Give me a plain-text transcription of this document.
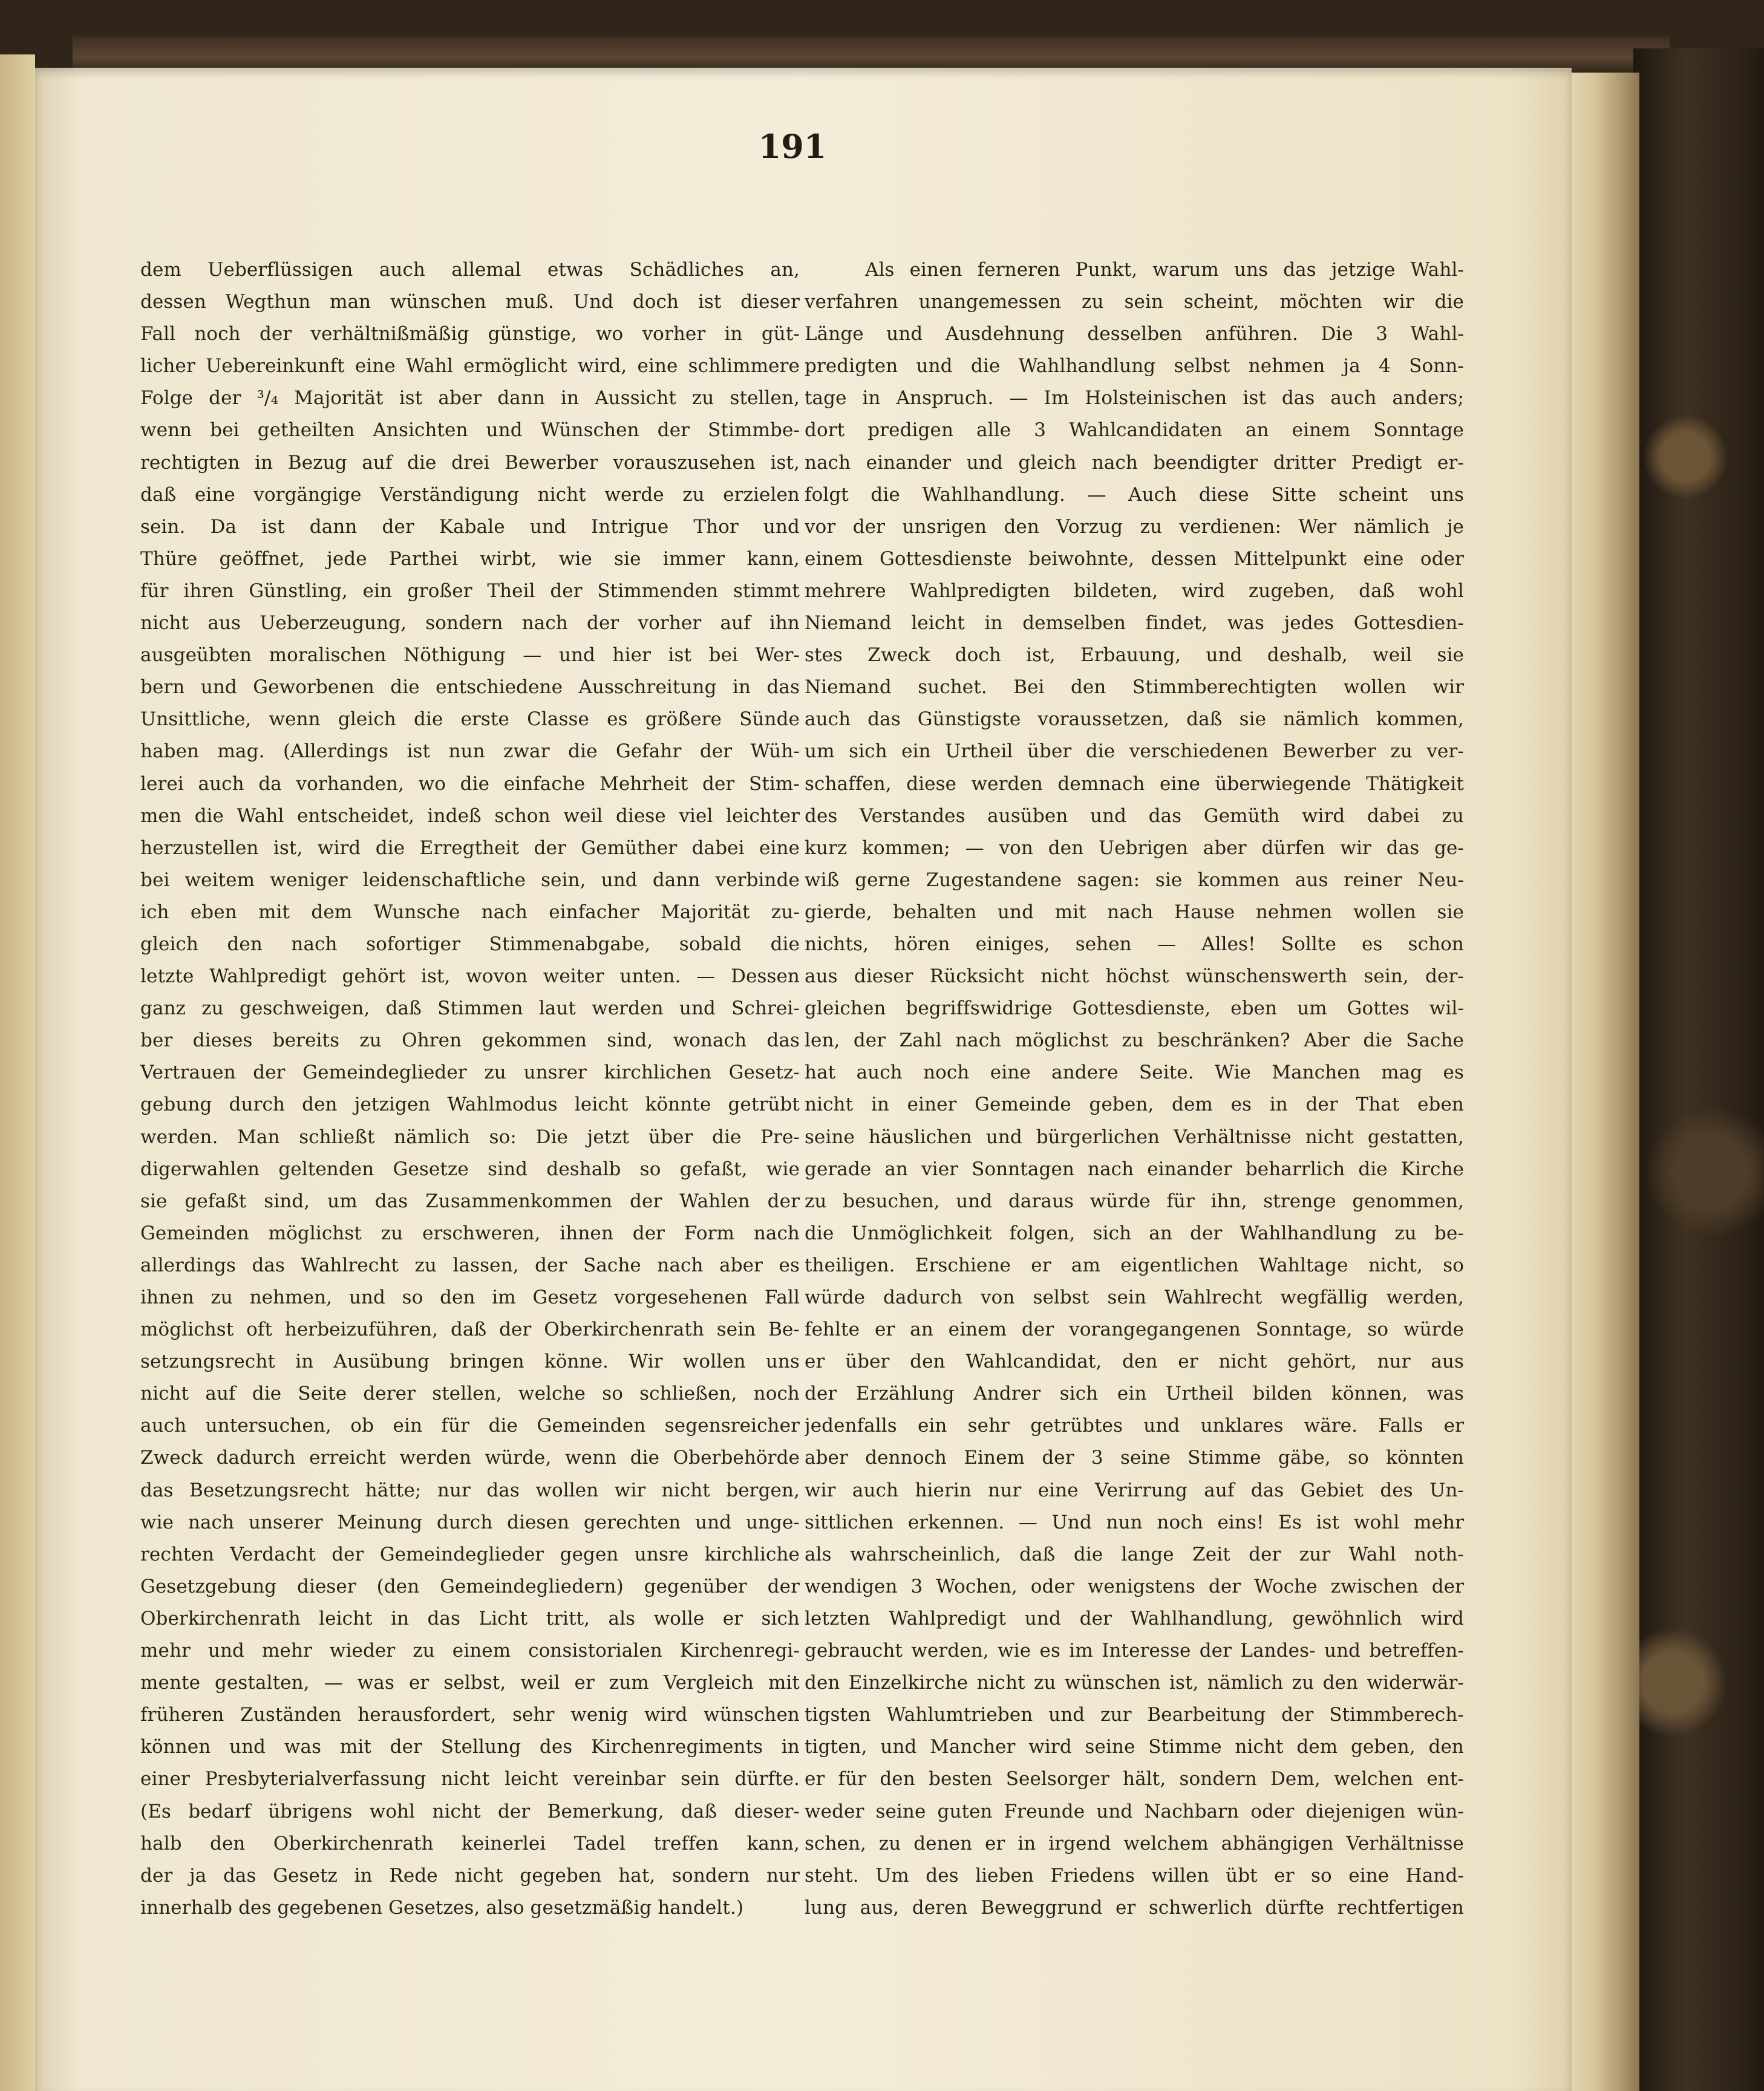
191
dem Ueberflüssigen auch allemal etwas Schädliches an,
dessen Wegthun man wünschen muß. Und doch ist dieser
Fall noch der verhältnißmäßig günstige, wo vorher in güt-
licher Uebereinkunft eine Wahl ermöglicht wird, eine schlimmere
Folge der ³/₄ Majorität ist aber dann in Aussicht zu stellen,
wenn bei getheilten Ansichten und Wünschen der Stimmbe-
rechtigten in Bezug auf die drei Bewerber vorauszusehen ist,
daß eine vorgängige Verständigung nicht werde zu erzielen
sein. Da ist dann der Kabale und Intrigue Thor und
Thüre geöffnet, jede Parthei wirbt, wie sie immer kann,
für ihren Günstling, ein großer Theil der Stimmenden stimmt
nicht aus Ueberzeugung, sondern nach der vorher auf ihn
ausgeübten moralischen Nöthigung — und hier ist bei Wer-
bern und Geworbenen die entschiedene Ausschreitung in das
Unsittliche, wenn gleich die erste Classe es größere Sünde
haben mag. (Allerdings ist nun zwar die Gefahr der Wüh-
lerei auch da vorhanden, wo die einfache Mehrheit der Stim-
men die Wahl entscheidet, indeß schon weil diese viel leichter
herzustellen ist, wird die Erregtheit der Gemüther dabei eine
bei weitem weniger leidenschaftliche sein, und dann verbinde
ich eben mit dem Wunsche nach einfacher Majorität zu-
gleich den nach sofortiger Stimmenabgabe, sobald die
letzte Wahlpredigt gehört ist, wovon weiter unten. — Dessen
ganz zu geschweigen, daß Stimmen laut werden und Schrei-
ber dieses bereits zu Ohren gekommen sind, wonach das
Vertrauen der Gemeindeglieder zu unsrer kirchlichen Gesetz-
gebung durch den jetzigen Wahlmodus leicht könnte getrübt
werden. Man schließt nämlich so: Die jetzt über die Pre-
digerwahlen geltenden Gesetze sind deshalb so gefaßt, wie
sie gefaßt sind, um das Zusammenkommen der Wahlen der
Gemeinden möglichst zu erschweren, ihnen der Form nach
allerdings das Wahlrecht zu lassen, der Sache nach aber es
ihnen zu nehmen, und so den im Gesetz vorgesehenen Fall
möglichst oft herbeizuführen, daß der Oberkirchenrath sein Be-
setzungsrecht in Ausübung bringen könne. Wir wollen uns
nicht auf die Seite derer stellen, welche so schließen, noch
auch untersuchen, ob ein für die Gemeinden segensreicher
Zweck dadurch erreicht werden würde, wenn die Oberbehörde
das Besetzungsrecht hätte; nur das wollen wir nicht bergen,
wie nach unserer Meinung durch diesen gerechten und unge-
rechten Verdacht der Gemeindeglieder gegen unsre kirchliche
Gesetzgebung dieser (den Gemeindegliedern) gegenüber der
Oberkirchenrath leicht in das Licht tritt, als wolle er sich
mehr und mehr wieder zu einem consistorialen Kirchenregi-
mente gestalten, — was er selbst, weil er zum Vergleich mit
früheren Zuständen herausfordert, sehr wenig wird wünschen
können und was mit der Stellung des Kirchenregiments in
einer Presbyterialverfassung nicht leicht vereinbar sein dürfte.
(Es bedarf übrigens wohl nicht der Bemerkung, daß dieser-
halb den Oberkirchenrath keinerlei Tadel treffen kann,
der ja das Gesetz in Rede nicht gegeben hat, sondern nur
innerhalb des gegebenen Gesetzes, also gesetzmäßig handelt.)
Als einen ferneren Punkt, warum uns das jetzige Wahl-
verfahren unangemessen zu sein scheint, möchten wir die
Länge und Ausdehnung desselben anführen. Die 3 Wahl-
predigten und die Wahlhandlung selbst nehmen ja 4 Sonn-
tage in Anspruch. — Im Holsteinischen ist das auch anders;
dort predigen alle 3 Wahlcandidaten an einem Sonntage
nach einander und gleich nach beendigter dritter Predigt er-
folgt die Wahlhandlung. — Auch diese Sitte scheint uns
vor der unsrigen den Vorzug zu verdienen: Wer nämlich je
einem Gottesdienste beiwohnte, dessen Mittelpunkt eine oder
mehrere Wahlpredigten bildeten, wird zugeben, daß wohl
Niemand leicht in demselben findet, was jedes Gottesdien-
stes Zweck doch ist, Erbauung, und deshalb, weil sie
Niemand suchet. Bei den Stimmberechtigten wollen wir
auch das Günstigste voraussetzen, daß sie nämlich kommen,
um sich ein Urtheil über die verschiedenen Bewerber zu ver-
schaffen, diese werden demnach eine überwiegende Thätigkeit
des Verstandes ausüben und das Gemüth wird dabei zu
kurz kommen; — von den Uebrigen aber dürfen wir das ge-
wiß gerne Zugestandene sagen: sie kommen aus reiner Neu-
gierde, behalten und mit nach Hause nehmen wollen sie
nichts, hören einiges, sehen — Alles! Sollte es schon
aus dieser Rücksicht nicht höchst wünschenswerth sein, der-
gleichen begriffswidrige Gottesdienste, eben um Gottes wil-
len, der Zahl nach möglichst zu beschränken? Aber die Sache
hat auch noch eine andere Seite. Wie Manchen mag es
nicht in einer Gemeinde geben, dem es in der That eben
seine häuslichen und bürgerlichen Verhältnisse nicht gestatten,
gerade an vier Sonntagen nach einander beharrlich die Kirche
zu besuchen, und daraus würde für ihn, strenge genommen,
die Unmöglichkeit folgen, sich an der Wahlhandlung zu be-
theiligen. Erschiene er am eigentlichen Wahltage nicht, so
würde dadurch von selbst sein Wahlrecht wegfällig werden,
fehlte er an einem der vorangegangenen Sonntage, so würde
er über den Wahlcandidat, den er nicht gehört, nur aus
der Erzählung Andrer sich ein Urtheil bilden können, was
jedenfalls ein sehr getrübtes und unklares wäre. Falls er
aber dennoch Einem der 3 seine Stimme gäbe, so könnten
wir auch hierin nur eine Verirrung auf das Gebiet des Un-
sittlichen erkennen. — Und nun noch eins! Es ist wohl mehr
als wahrscheinlich, daß die lange Zeit der zur Wahl noth-
wendigen 3 Wochen, oder wenigstens der Woche zwischen der
letzten Wahlpredigt und der Wahlhandlung, gewöhnlich wird
gebraucht werden, wie es im Interesse der Landes- und betreffen-
den Einzelkirche nicht zu wünschen ist, nämlich zu den widerwär-
tigsten Wahlumtrieben und zur Bearbeitung der Stimmberech-
tigten, und Mancher wird seine Stimme nicht dem geben, den
er für den besten Seelsorger hält, sondern Dem, welchen ent-
weder seine guten Freunde und Nachbarn oder diejenigen wün-
schen, zu denen er in irgend welchem abhängigen Verhältnisse
steht. Um des lieben Friedens willen übt er so eine Hand-
lung aus, deren Beweggrund er schwerlich dürfte rechtfertigen
